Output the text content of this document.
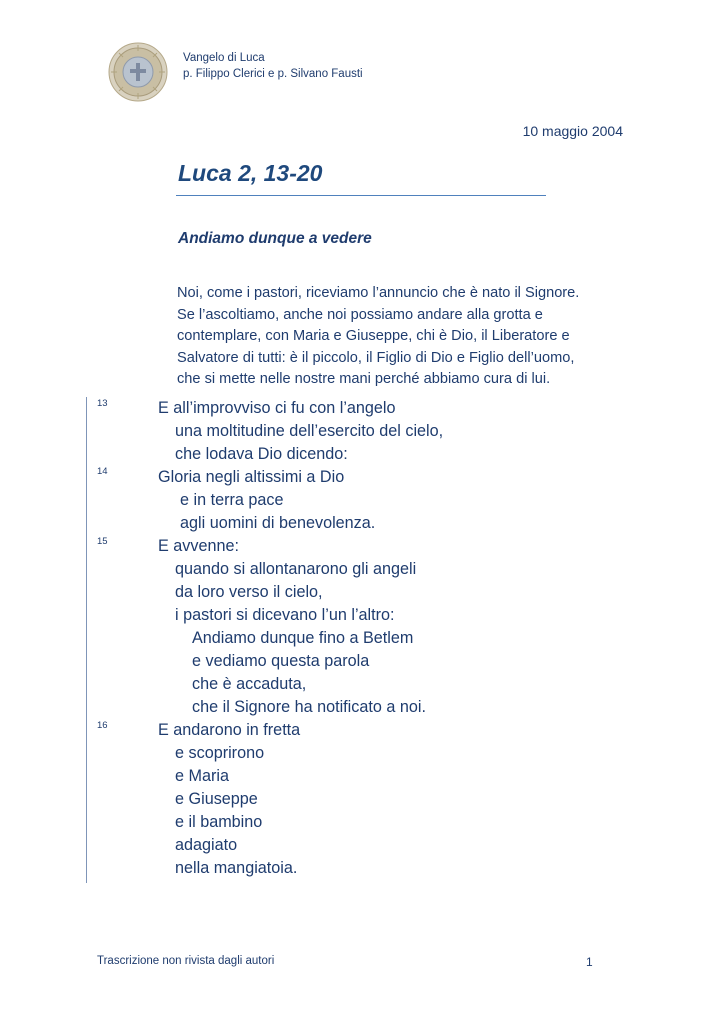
Vangelo di Luca
p. Filippo Clerici e p. Silvano Fausti
10 maggio 2004
Luca 2, 13-20
Andiamo dunque a vedere
Noi, come i pastori, riceviamo l’annuncio che è nato il Signore.
Se l’ascoltiamo, anche noi possiamo andare alla grotta e
contemplare, con Maria e Giuseppe, chi è Dio, il Liberatore e
Salvatore di tutti: è il piccolo, il Figlio di Dio e Figlio dell’uomo,
che si mette nelle nostre mani perché abbiamo cura di lui.
13
14
15
16
E all’improvviso ci fu con l’angelo
una moltitudine dell’esercito del cielo,
che lodava Dio dicendo:
Gloria negli altissimi a Dio
e in terra pace
agli uomini di benevolenza.
E avvenne:
quando si allontanarono gli angeli
da loro verso il cielo,
i pastori si dicevano l’un l’altro:
Andiamo dunque fino a Betlem
e vediamo questa parola
che è accaduta,
che il Signore ha notificato a noi.
E andarono in fretta
e scoprirono
e Maria
e Giuseppe
e il bambino
adagiato
nella mangiatoia.
Trascrizione non rivista dagli autori	1
